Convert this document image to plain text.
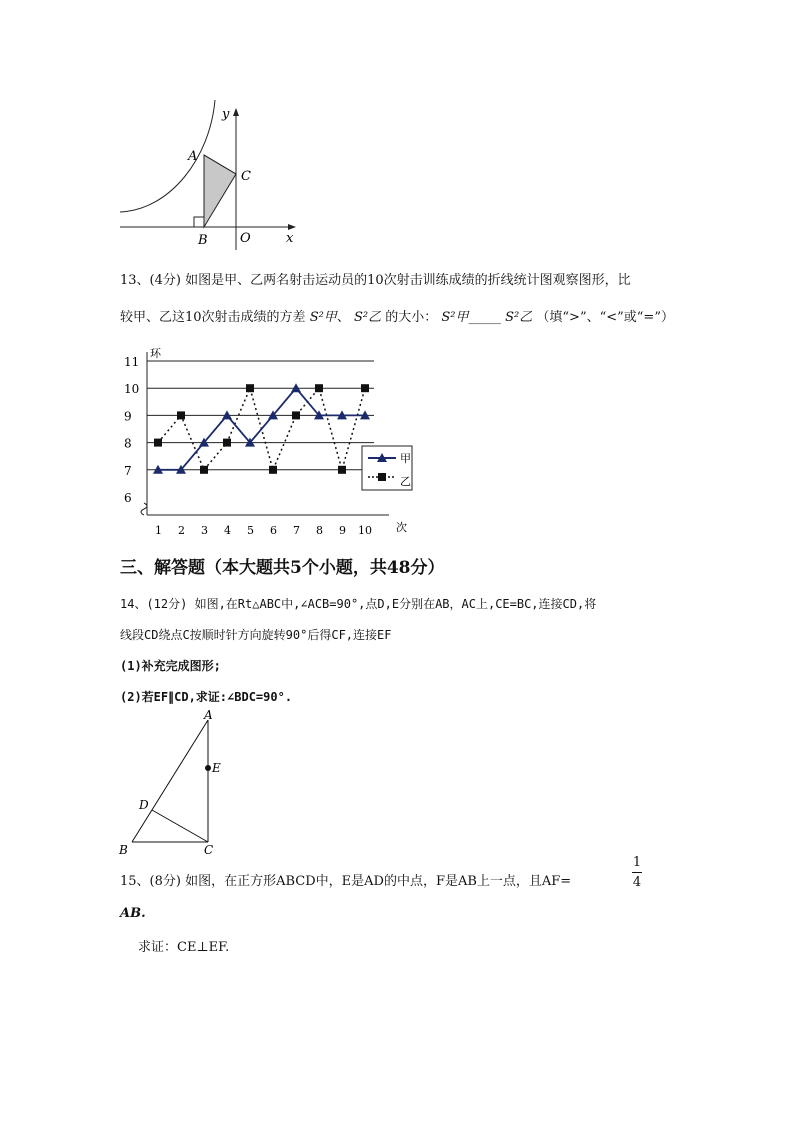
y
A
C
O
B	x
13、(4分) 如图是甲、乙两名射击运动员的10次射击训练成绩的折线统计图观察图形，比
较甲、乙这10次射击成绩的方差 S²甲、 S²乙 的大小： S²甲_____ S²乙 （填“>”、“<”或“=”）
6
7
8
9
10
11
1 2 3 4 5 6 7 8 9 10
环
次
甲
乙
三、解答题（本大题共5个小题，共48分）
14、(12分) 如图,在Rt△ABC中,∠ACB=90°,点D,E分别在AB，AC上,CE=BC,连接CD,将
线段CD绕点C按顺时针方向旋转90°后得CF,连接EF
(1)补充完成图形;
(2)若EF∥CD,求证:∠BDC=90°.
A
E
D
B	C
15、(8分) 如图，在正方形ABCD中，E是AD的中点，F是AB上一点，且AF=
1
4
AB.
求证：CE⊥EF.
